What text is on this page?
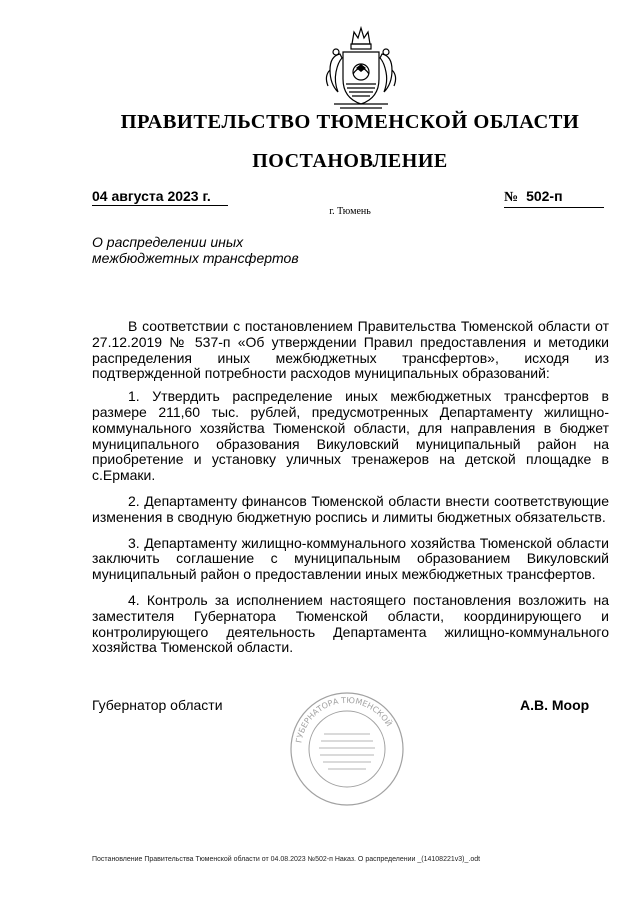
ПРАВИТЕЛЬСТВО ТЮМЕНСКОЙ ОБЛАСТИ
ПОСТАНОВЛЕНИЕ
04 августа 2023 г.	№ 502-п
г. Тюмень
О распределении иных
межбюджетных трансфертов

В соответствии с постановлением Правительства Тюменской области от 27.12.2019 № 537-п «Об утверждении Правил предоставления и методики распределения иных межбюджетных трансфертов», исходя из подтвержденной потребности расходов муниципальных образований:

1. Утвердить распределение иных межбюджетных трансфертов в размере 211,60 тыс. рублей, предусмотренных Департаменту жилищно-коммунального хозяйства Тюменской области, для направления в бюджет муниципального образования Викуловский муниципальный район на приобретение и установку уличных тренажеров на детской площадке в с.Ермаки.

2. Департаменту финансов Тюменской области внести соответствующие изменения в сводную бюджетную роспись и лимиты бюджетных обязательств.

3. Департаменту жилищно-коммунального хозяйства Тюменской области заключить соглашение с муниципальным образованием Викуловский муниципальный район о предоставлении иных межбюджетных трансфертов.

4. Контроль за исполнением настоящего постановления возложить на заместителя Губернатора Тюменской области, координирующего и контролирующего деятельность Департамента жилищно-коммунального хозяйства Тюменской области.

Губернатор области	А.В. Моор
ГУБЕРНАТОРА ТЮМЕНСКОЙ
Постановление Правительства Тюменской области от 04.08.2023 №502-п Наказ. О распределении _(14108221v3)_.odt
